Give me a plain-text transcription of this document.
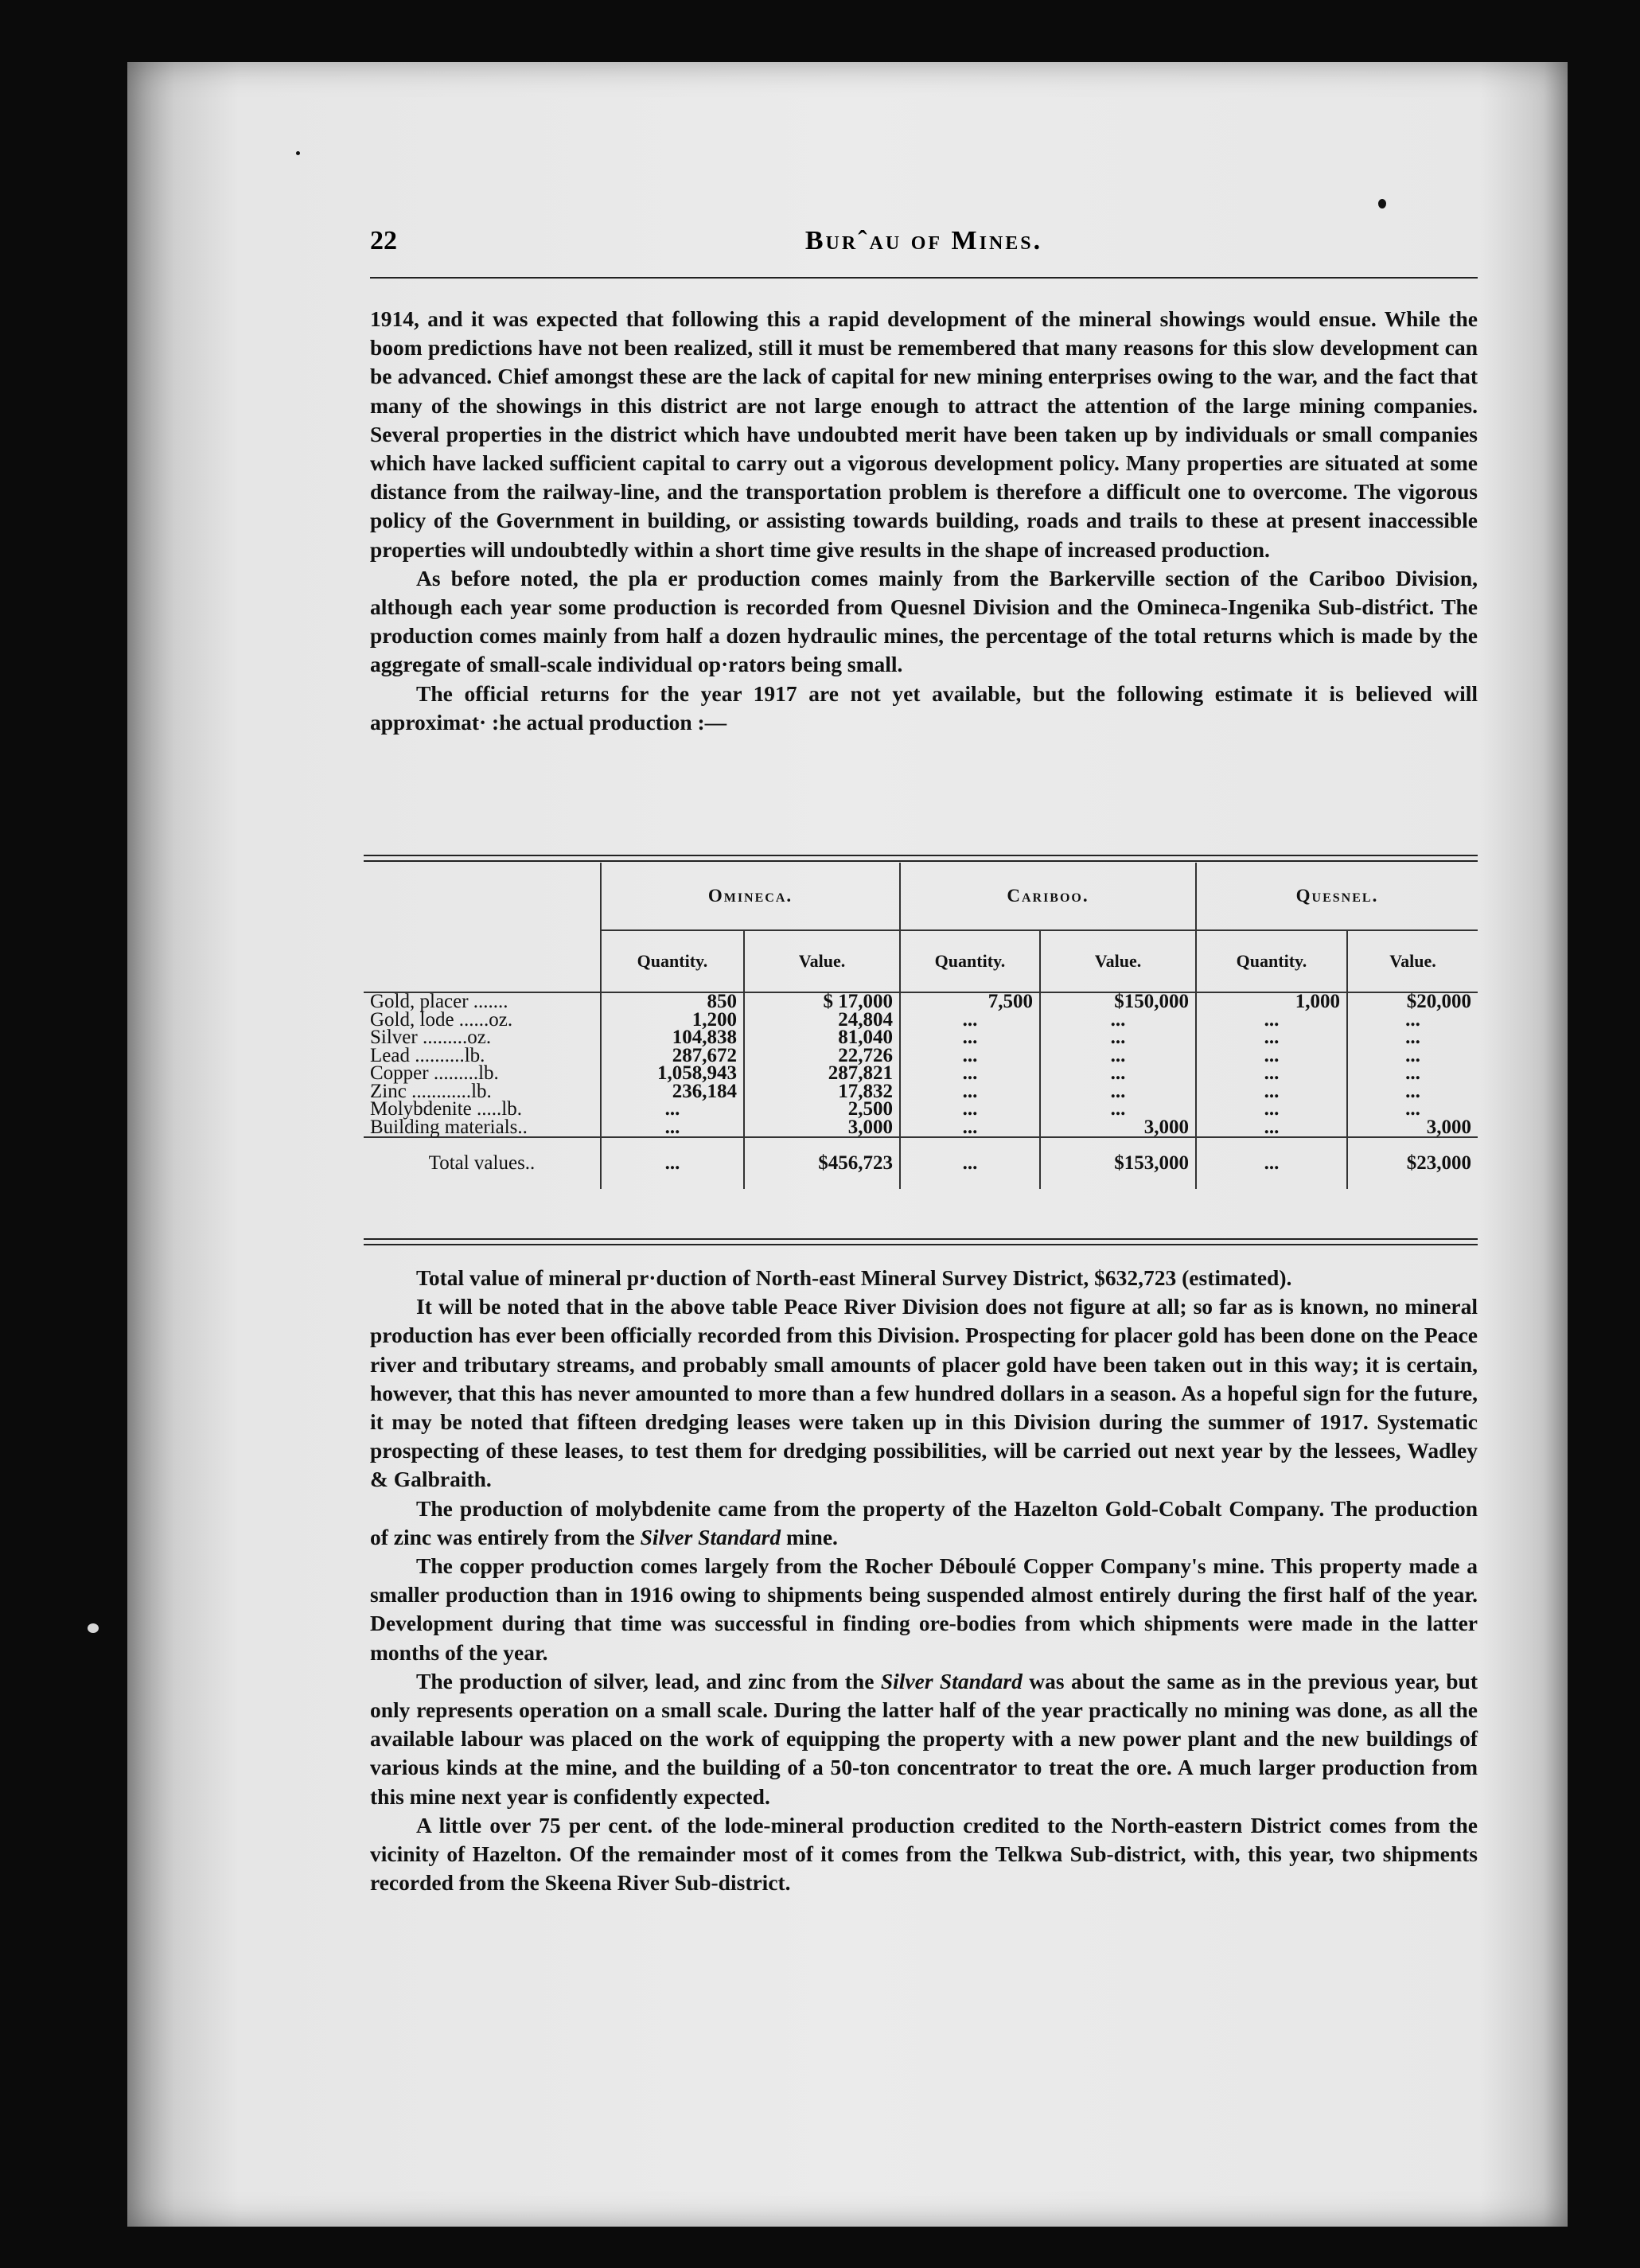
22	Burˆau of Mines.

1914, and it was expected that following this a rapid development of the mineral showings would ensue. While the boom predictions have not been realized, still it must be remembered that many reasons for this slow development can be advanced. Chief amongst these are the lack of capital for new mining enterprises owing to the war, and the fact that many of the showings in this district are not large enough to attract the attention of the large mining companies. Several properties in the district which have undoubted merit have been taken up by individuals or small companies which have lacked sufficient capital to carry out a vigorous development policy. Many properties are situated at some distance from the railway-line, and the transportation problem is therefore a difficult one to overcome. The vigorous policy of the Government in building, or assisting towards building, roads and trails to these at present inaccessible properties will undoubtedly within a short time give results in the shape of increased production.

As before noted, the pla er production comes mainly from the Barkerville section of the Cariboo Division, although each year some production is recorded from Quesnel Division and the Omineca-Ingenika Sub-distŕict. The production comes mainly from half a dozen hydraulic mines, the percentage of the total returns which is made by the aggregate of small-scale individual op·rators being small.

The official returns for the year 1917 are not yet available, but the following estimate it is believed will approximat· :he actual production :—

	Omineca.		Cariboo.		Quesnel.	
	Quantity.	Value.	Quantity.	Value.	Quantity.	Value.
Gold, placer .......	850	$ 17,000	7,500	$150,000	1,000	$20,000
Gold, lode ......oz.	1,200	24,804	...	...	...	...
Silver .........oz.	104,838	81,040	...	...	...	...
Lead ..........lb.	287,672	22,726	...	...	...	...
Copper .........lb.	1,058,943	287,821	...	...	...	...
Zinc ............lb.	236,184	17,832	...	...	...	...
Molybdenite .....lb.	...	2,500	...	...	...	...
Building materials..	...	3,000	...	3,000	...	3,000
Total values..	...	$456,723	...	$153,000	...	$23,000

Total value of mineral pr·duction of North-east Mineral Survey District, $632,723 (estimated).

It will be noted that in the above table Peace River Division does not figure at all; so far as is known, no mineral production has ever been officially recorded from this Division. Prospecting for placer gold has been done on the Peace river and tributary streams, and probably small amounts of placer gold have been taken out in this way; it is certain, however, that this has never amounted to more than a few hundred dollars in a season. As a hopeful sign for the future, it may be noted that fifteen dredging leases were taken up in this Division during the summer of 1917. Systematic prospecting of these leases, to test them for dredging possibilities, will be carried out next year by the lessees, Wadley & Galbraith.

The production of molybdenite came from the property of the Hazelton Gold-Cobalt Company. The production of zinc was entirely from the Silver Standard mine.

The copper production comes largely from the Rocher Déboulé Copper Company's mine. This property made a smaller production than in 1916 owing to shipments being suspended almost entirely during the first half of the year. Development during that time was successful in finding ore-bodies from which shipments were made in the latter months of the year.

The production of silver, lead, and zinc from the Silver Standard was about the same as in the previous year, but only represents operation on a small scale. During the latter half of the year practically no mining was done, as all the available labour was placed on the work of equipping the property with a new power plant and the new buildings of various kinds at the mine, and the building of a 50-ton concentrator to treat the ore. A much larger production from this mine next year is confidently expected.

A little over 75 per cent. of the lode-mineral production credited to the North-eastern District comes from the vicinity of Hazelton. Of the remainder most of it comes from the Telkwa Sub-district, with, this year, two shipments recorded from the Skeena River Sub-district.
